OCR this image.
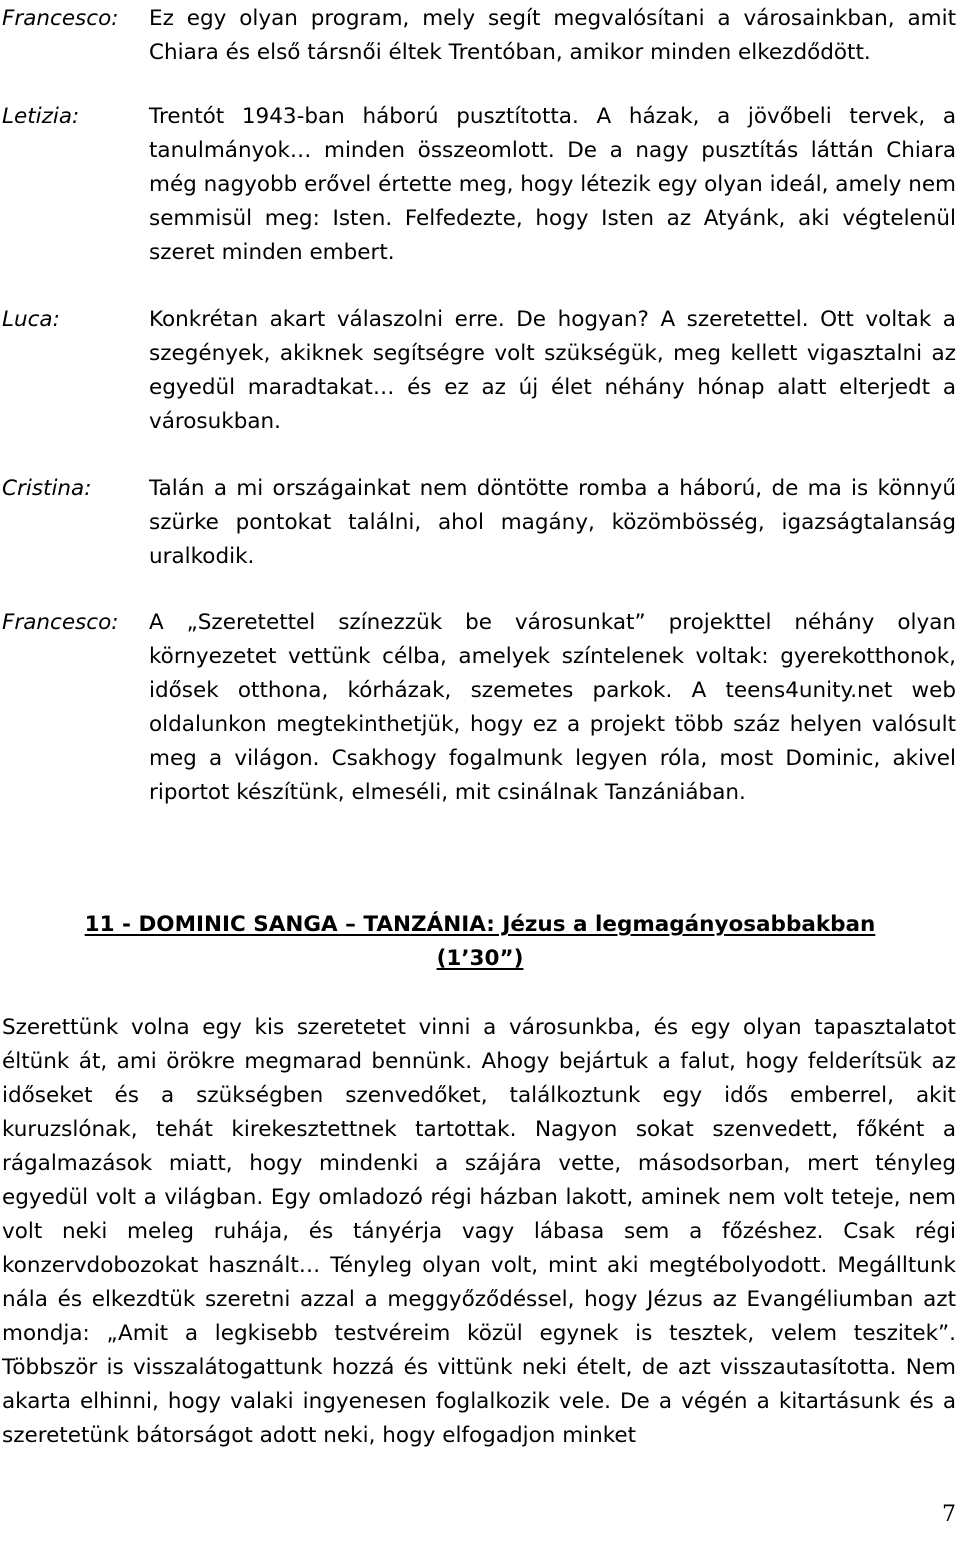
Francesco: Ez egy olyan program, mely segít megvalósítani a városainkban, amit Chiara és első társnői éltek Trentóban, amikor minden elkezdődött.
Letizia:	Trentót 1943-ban háború pusztította. A házak, a jövőbeli tervek, a tanulmányok… minden összeomlott. De a nagy pusztítás láttán Chiara még nagyobb erővel értette meg, hogy létezik egy olyan ideál, amely nem semmisül meg: Isten. Felfedezte, hogy Isten az Atyánk, aki végtelenül szeret minden embert.
Luca:	Konkrétan akart válaszolni erre. De hogyan? A szeretettel. Ott voltak a szegények, akiknek segítségre volt szükségük, meg kellett vigasztalni az egyedül maradtakat… és ez az új élet néhány hónap alatt elterjedt a városukban.
Cristina:	Talán a mi országainkat nem döntötte romba a háború, de ma is könnyű szürke pontokat találni, ahol magány, közömbösség, igazságtalanság uralkodik.
Francesco: A „Szeretettel színezzük be városunkat” projekttel néhány olyan környezetet vettünk célba, amelyek színtelenek voltak: gyerekotthonok, idősek otthona, kórházak, szemetes parkok. A teens4unity.net web oldalunkon megtekinthetjük, hogy ez a projekt több száz helyen valósult meg a világon. Csakhogy fogalmunk legyen róla, most Dominic, akivel riportot készítünk, elmeséli, mit csinálnak Tanzániában.
11 - DOMINIC SANGA – TANZÁNIA: Jézus a legmagányosabbakban
(1’30”)
Szerettünk volna egy kis szeretetet vinni a városunkba, és egy olyan tapasztalatot éltünk át, ami örökre megmarad bennünk. Ahogy bejártuk a falut, hogy felderítsük az időseket és a szükségben szenvedőket, találkoztunk egy idős emberrel, akit kuruzslónak, tehát kirekesztettnek tartottak. Nagyon sokat szenvedett, főként a rágalmazások miatt, hogy mindenki a szájára vette, másodsorban, mert tényleg egyedül volt a világban. Egy omladozó régi házban lakott, aminek nem volt teteje, nem volt neki meleg ruhája, és tányérja vagy lábasa sem a főzéshez. Csak régi konzervdobozokat használt… Tényleg olyan volt, mint aki megtébolyodott. Megálltunk nála és elkezdtük szeretni azzal a meggyőződéssel, hogy Jézus az Evangéliumban azt mondja: „Amit a legkisebb testvéreim közül egynek is tesztek, velem teszitek”. Többször is visszalátogattunk hozzá és vittünk neki ételt, de azt visszautasította. Nem akarta elhinni, hogy valaki ingyenesen foglalkozik vele. De a végén a kitartásunk és a szeretetünk bátorságot adott neki, hogy elfogadjon minket
7
